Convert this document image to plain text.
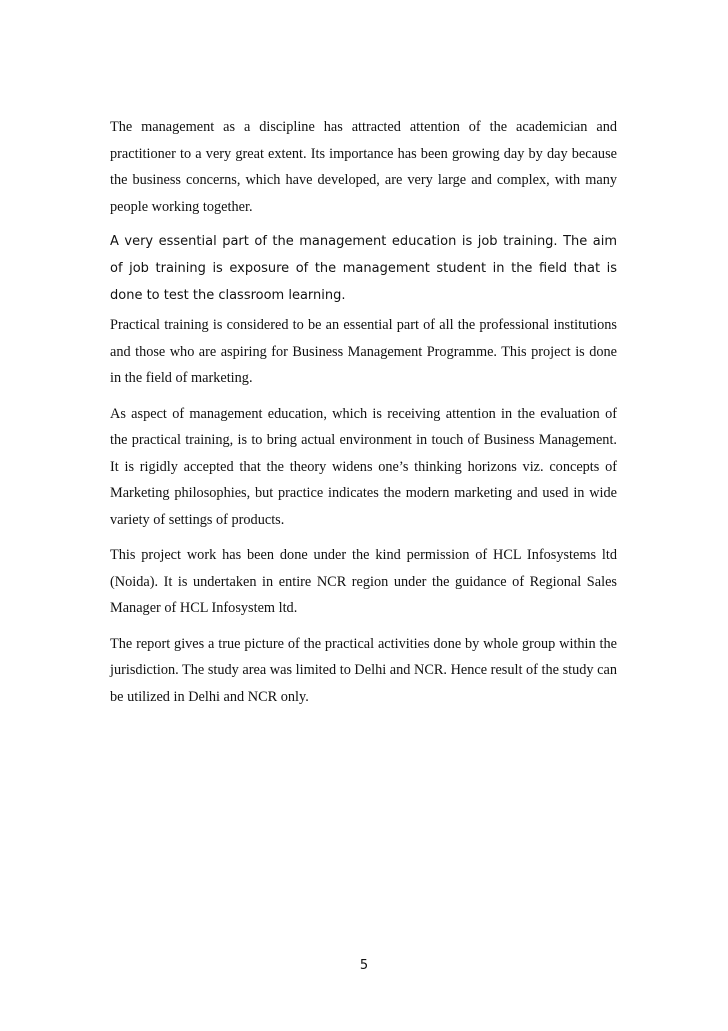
The management as a discipline has attracted attention of the academician and practitioner to a very great extent. Its importance has been growing day by day because the business concerns, which have developed, are very large and complex, with many people working together.

A very essential part of the management education is job training. The aim of job training is exposure of the management student in the field that is done to test the classroom learning.

Practical training is considered to be an essential part of all the professional institutions and those who are aspiring for Business Management Programme. This project is done in the field of marketing.

As aspect of management education, which is receiving attention in the evaluation of the practical training, is to bring actual environment in touch of Business Management. It is rigidly accepted that the theory widens one’s thinking horizons viz. concepts of Marketing philosophies, but practice indicates the modern marketing and used in wide variety of settings of products.

This project work has been done under the kind permission of HCL Infosystems ltd (Noida). It is undertaken in entire NCR region under the guidance of Regional Sales Manager of HCL Infosystem ltd.

The report gives a true picture of the practical activities done by whole group within the jurisdiction. The study area was limited to Delhi and NCR. Hence result of the study can be utilized in Delhi and NCR only.

5
